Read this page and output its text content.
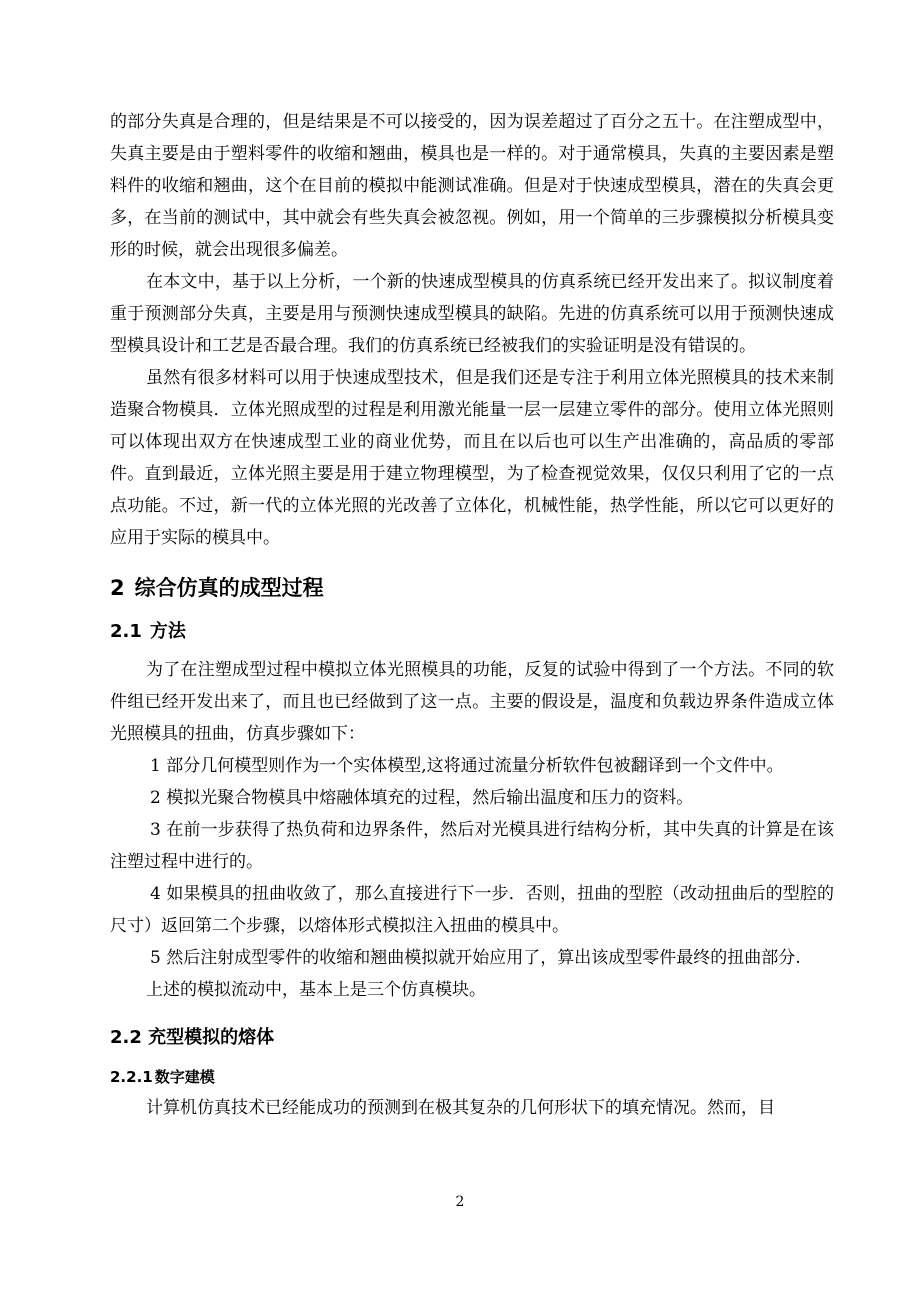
的部分失真是合理的，但是结果是不可以接受的，因为误差超过了百分之五十。在注塑成型中，失真主要是由于塑料零件的收缩和翘曲，模具也是一样的。对于通常模具，失真的主要因素是塑料件的收缩和翘曲，这个在目前的模拟中能测试准确。但是对于快速成型模具，潜在的失真会更多，在当前的测试中，其中就会有些失真会被忽视。例如，用一个简单的三步骤模拟分析模具变形的时候，就会出现很多偏差。

在本文中，基于以上分析，一个新的快速成型模具的仿真系统已经开发出来了。拟议制度着重于预测部分失真，主要是用与预测快速成型模具的缺陷。先进的仿真系统可以用于预测快速成型模具设计和工艺是否最合理。我们的仿真系统已经被我们的实验证明是没有错误的。

虽然有很多材料可以用于快速成型技术，但是我们还是专注于利用立体光照模具的技术来制造聚合物模具．立体光照成型的过程是利用激光能量一层一层建立零件的部分。使用立体光照则可以体现出双方在快速成型工业的商业优势，而且在以后也可以生产出准确的，高品质的零部件。直到最近，立体光照主要是用于建立物理模型，为了检查视觉效果，仅仅只利用了它的一点点功能。不过，新一代的立体光照的光改善了立体化，机械性能，热学性能，所以它可以更好的应用于实际的模具中。

2 综合仿真的成型过程
2.1 方法

为了在注塑成型过程中模拟立体光照模具的功能，反复的试验中得到了一个方法。不同的软件组已经开发出来了，而且也已经做到了这一点。主要的假设是，温度和负载边界条件造成立体光照模具的扭曲，仿真步骤如下：

1 部分几何模型则作为一个实体模型,这将通过流量分析软件包被翻译到一个文件中。

2 模拟光聚合物模具中熔融体填充的过程，然后输出温度和压力的资料。

3 在前一步获得了热负荷和边界条件，然后对光模具进行结构分析，其中失真的计算是在该注塑过程中进行的。

4 如果模具的扭曲收敛了，那么直接进行下一步．否则，扭曲的型腔（改动扭曲后的型腔的尺寸）返回第二个步骤，以熔体形式模拟注入扭曲的模具中。

5 然后注射成型零件的收缩和翘曲模拟就开始应用了，算出该成型零件最终的扭曲部分.

上述的模拟流动中，基本上是三个仿真模块。

2.2 充型模拟的熔体
2.2.1 数字建模

计算机仿真技术已经能成功的预测到在极其复杂的几何形状下的填充情况。然而，目

2
